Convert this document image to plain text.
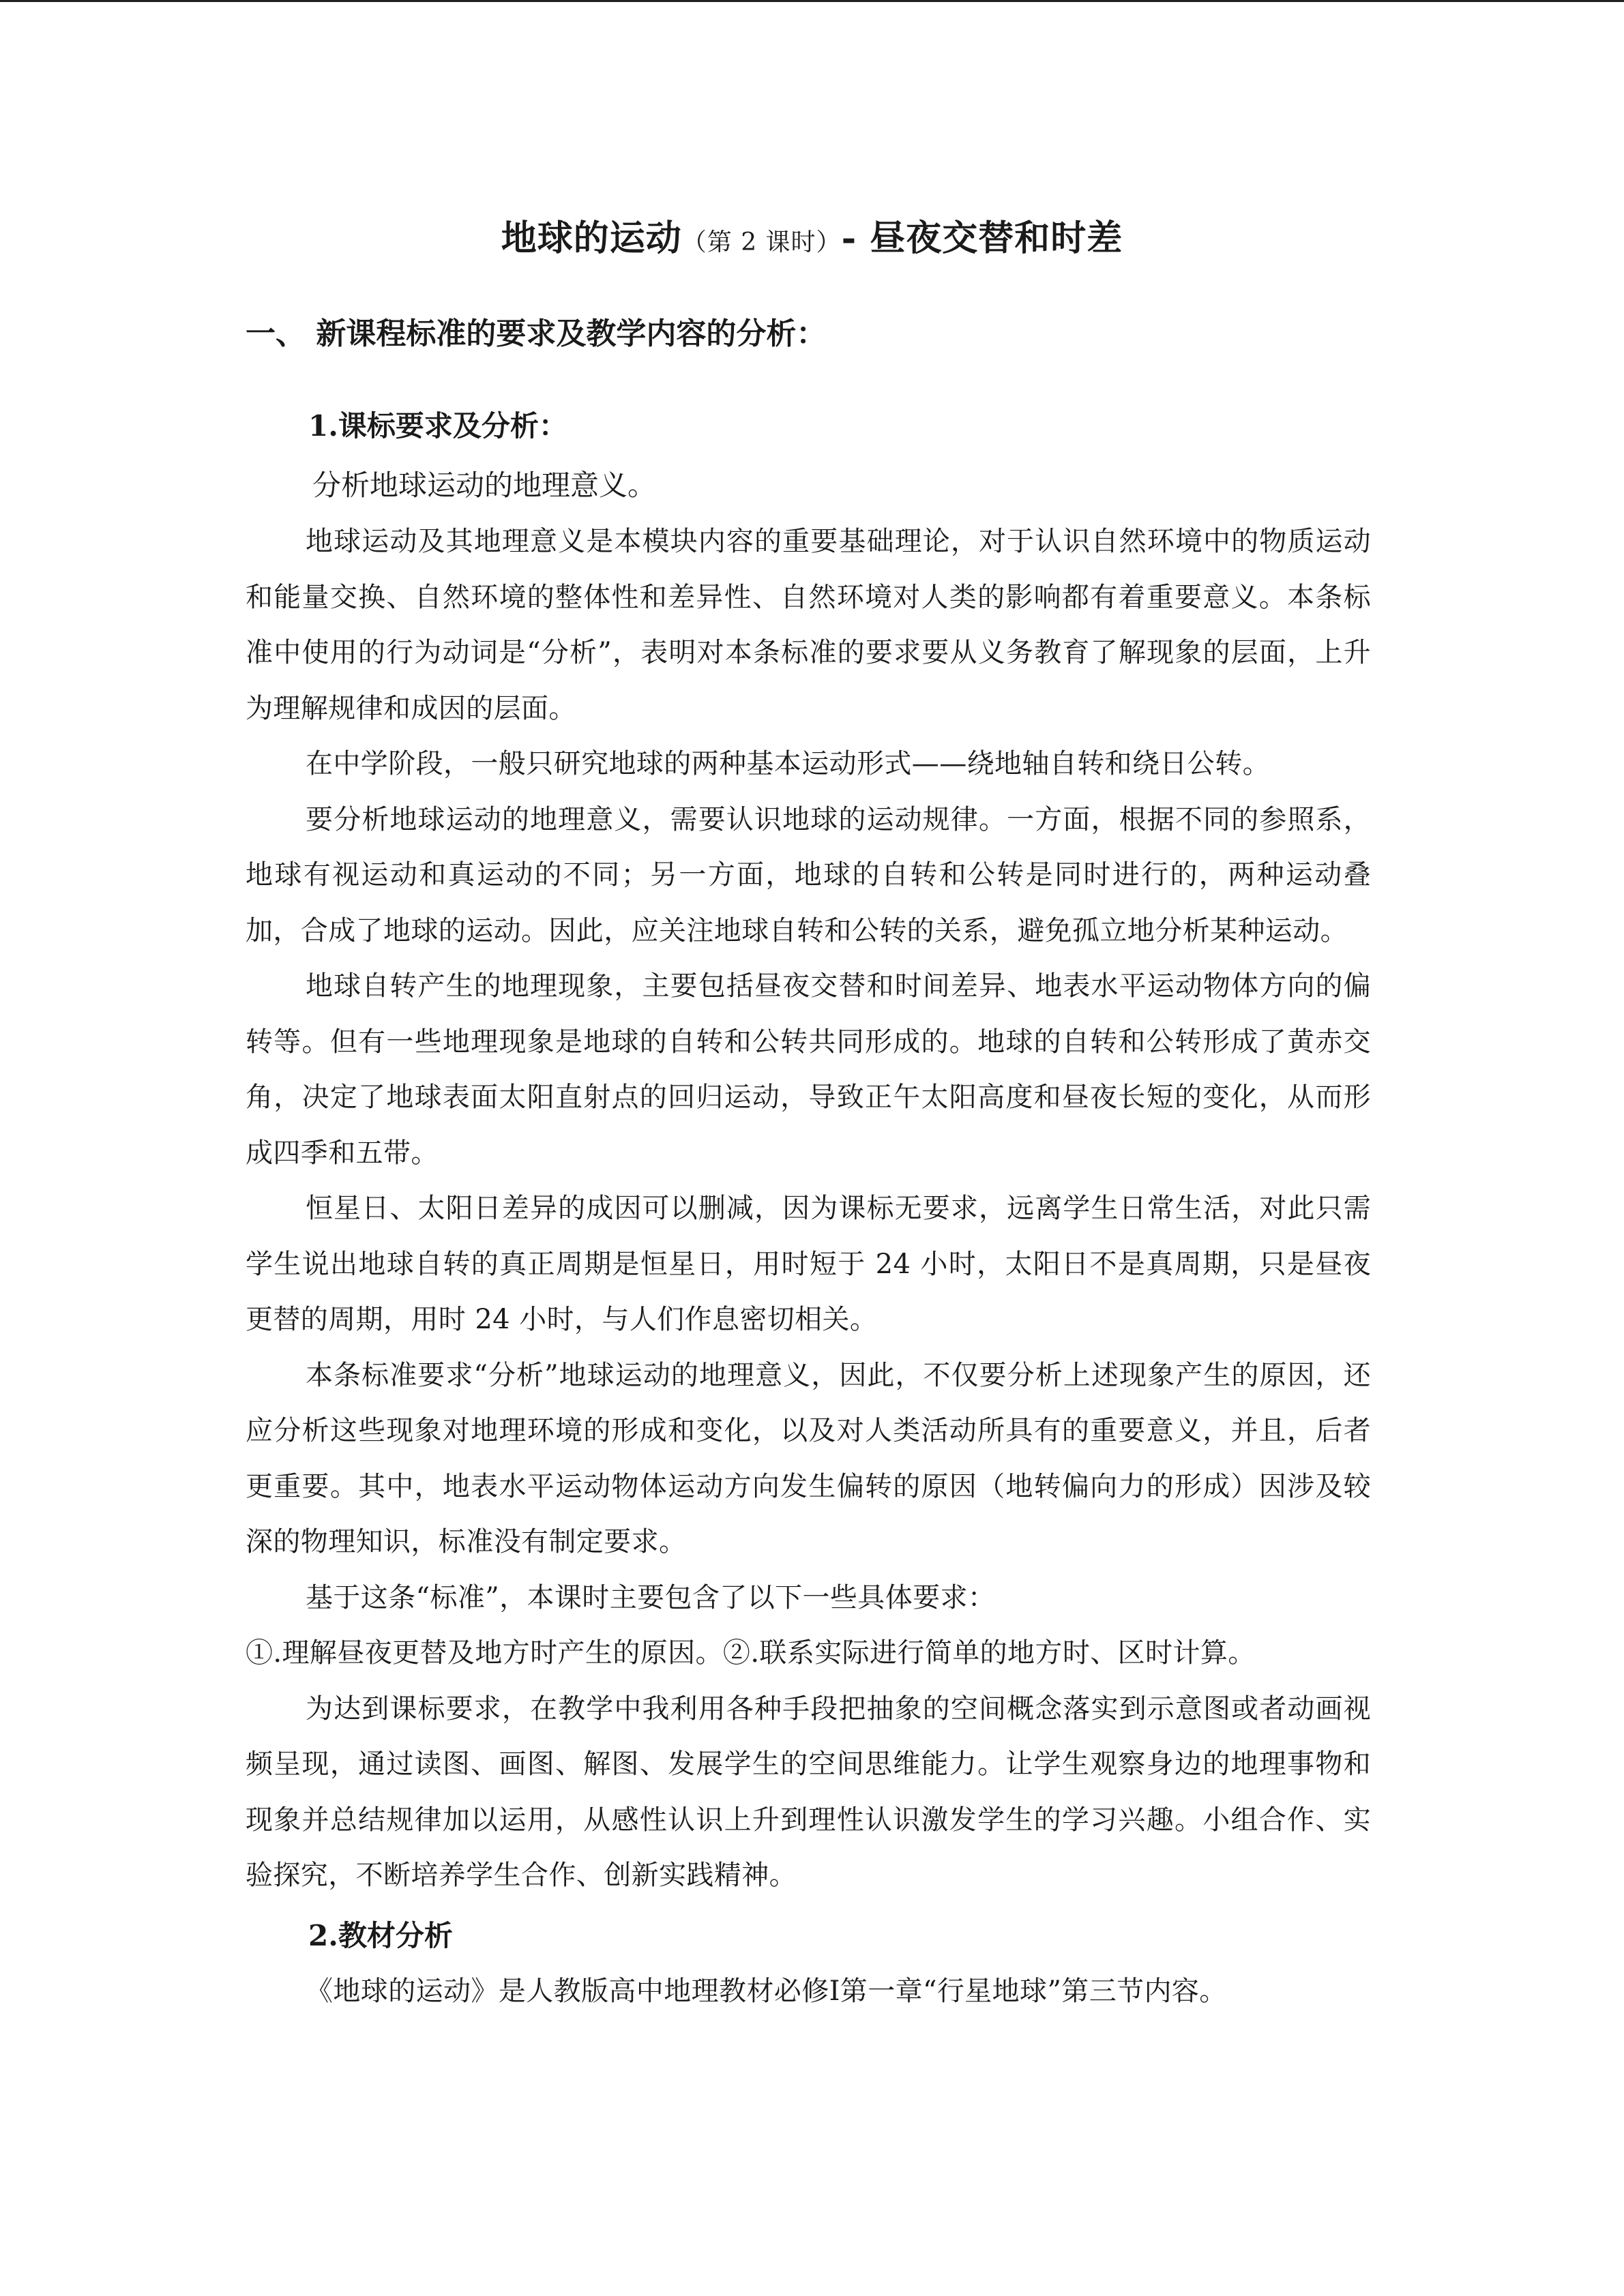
地球的运动（第 2 课时）- 昼夜交替和时差
一、 新课程标准的要求及教学内容的分析：
1.课标要求及分析：
分析地球运动的地理意义。

地球运动及其地理意义是本模块内容的重要基础理论，对于认识自然环境中的物质运动和能量交换、自然环境的整体性和差异性、自然环境对人类的影响都有着重要意义。本条标准中使用的行为动词是“分析”，表明对本条标准的要求要从义务教育了解现象的层面，上升为理解规律和成因的层面。

在中学阶段，一般只研究地球的两种基本运动形式——绕地轴自转和绕日公转。

要分析地球运动的地理意义，需要认识地球的运动规律。一方面，根据不同的参照系，地球有视运动和真运动的不同；另一方面，地球的自转和公转是同时进行的，两种运动叠加，合成了地球的运动。因此，应关注地球自转和公转的关系，避免孤立地分析某种运动。

地球自转产生的地理现象，主要包括昼夜交替和时间差异、地表水平运动物体方向的偏转等。但有一些地理现象是地球的自转和公转共同形成的。地球的自转和公转形成了黄赤交角，决定了地球表面太阳直射点的回归运动，导致正午太阳高度和昼夜长短的变化，从而形成四季和五带。

恒星日、太阳日差异的成因可以删减，因为课标无要求，远离学生日常生活，对此只需学生说出地球自转的真正周期是恒星日，用时短于 24 小时，太阳日不是真周期，只是昼夜更替的周期，用时 24 小时，与人们作息密切相关。

本条标准要求“分析”地球运动的地理意义，因此，不仅要分析上述现象产生的原因，还应分析这些现象对地理环境的形成和变化，以及对人类活动所具有的重要意义，并且，后者更重要。其中，地表水平运动物体运动方向发生偏转的原因（地转偏向力的形成）因涉及较深的物理知识，标准没有制定要求。

基于这条“标准”，本课时主要包含了以下一些具体要求：

①.理解昼夜更替及地方时产生的原因。②.联系实际进行简单的地方时、区时计算。

为达到课标要求，在教学中我利用各种手段把抽象的空间概念落实到示意图或者动画视频呈现，通过读图、画图、解图、发展学生的空间思维能力。让学生观察身边的地理事物和现象并总结规律加以运用，从感性认识上升到理性认识激发学生的学习兴趣。小组合作、实验探究，不断培养学生合作、创新实践精神。

2.教材分析

《地球的运动》是人教版高中地理教材必修Ⅰ第一章“行星地球”第三节内容。
